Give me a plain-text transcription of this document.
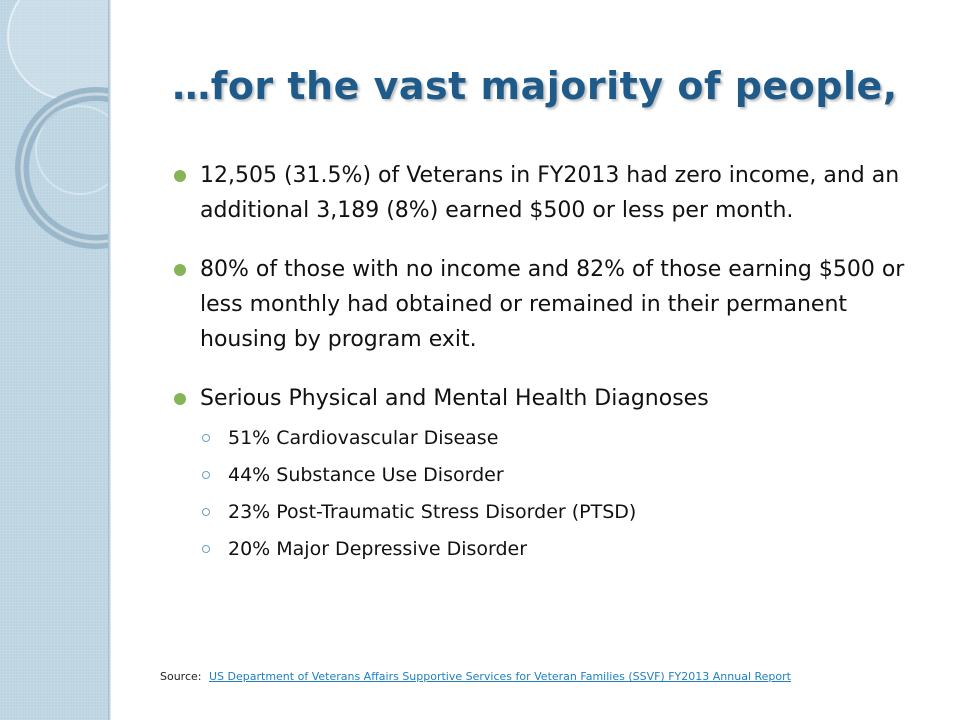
…for the vast majority of people,
12,505 (31.5%) of Veterans in FY2013 had zero income, and an additional 3,189 (8%) earned $500 or less per month.
80% of those with no income and 82% of those earning $500 or less monthly had obtained or remained in their permanent housing by program exit.
Serious Physical and Mental Health Diagnoses
51% Cardiovascular Disease
44% Substance Use Disorder
23% Post-Traumatic Stress Disorder (PTSD)
20% Major Depressive Disorder
Source: US Department of Veterans Affairs Supportive Services for Veteran Families (SSVF) FY2013 Annual Report
